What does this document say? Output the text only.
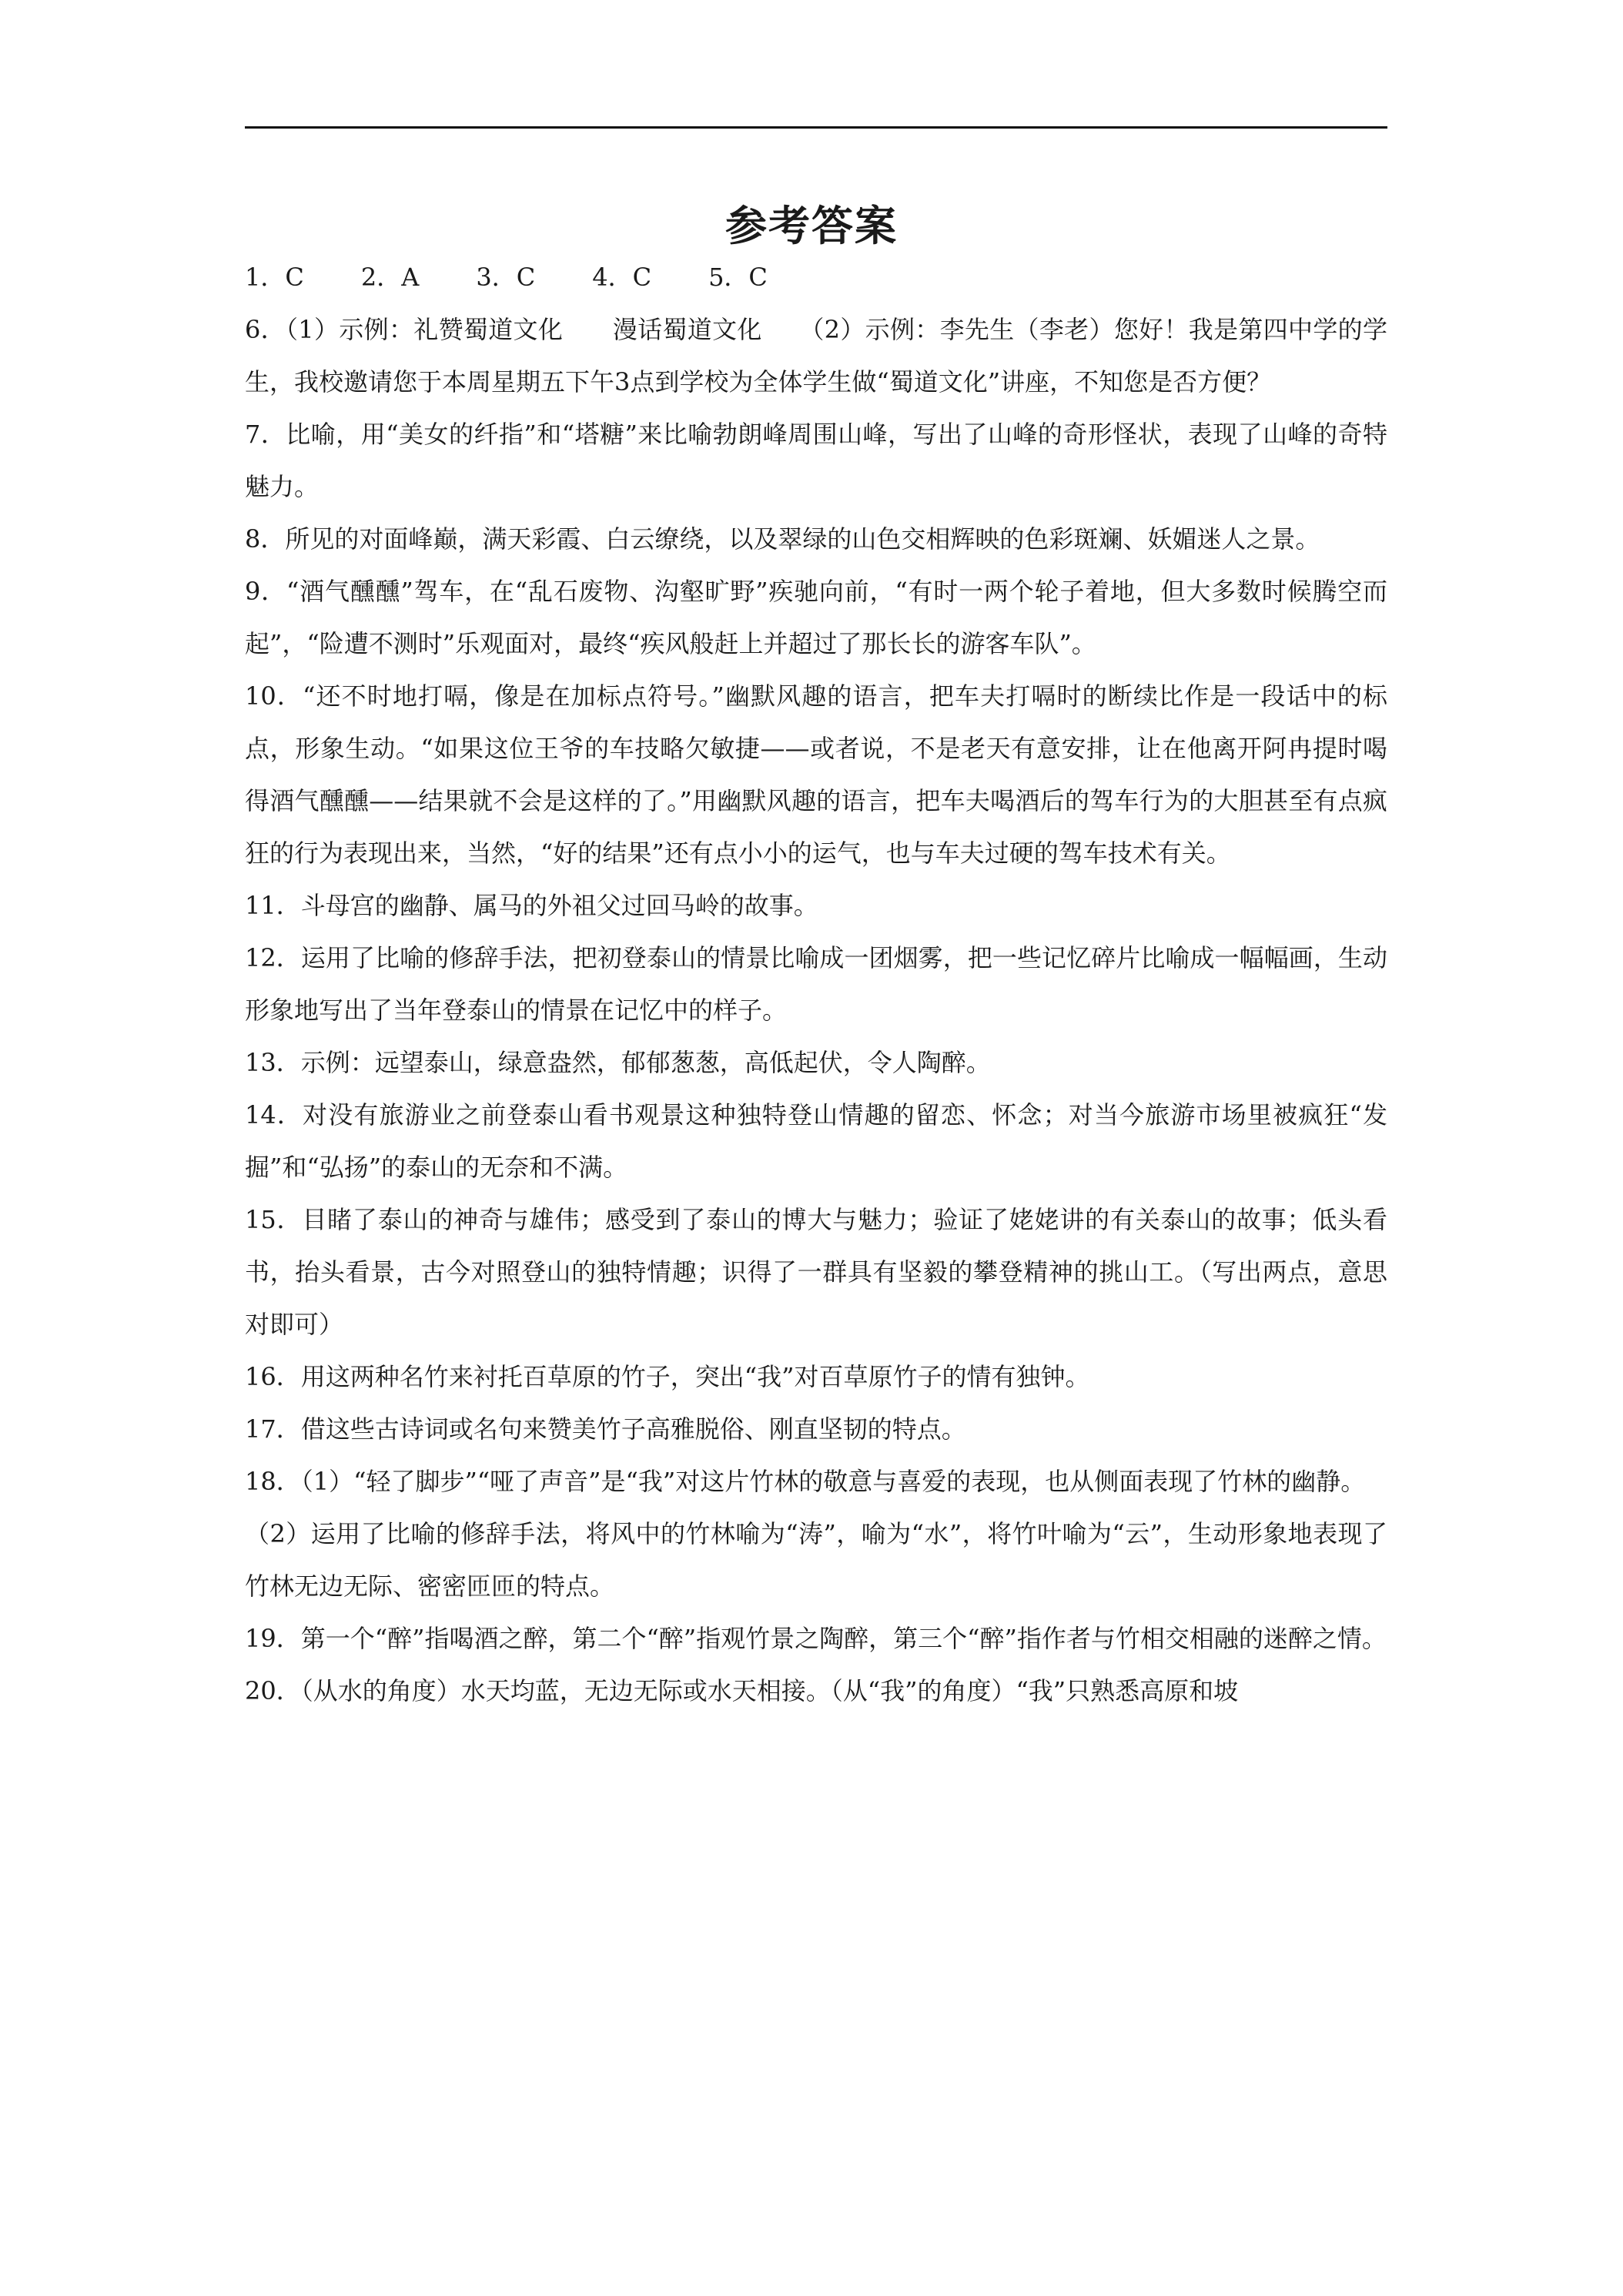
参考答案

1．C 2．A 3．C 4．C 5．C

6．（1）示例：礼赞蜀道文化　　漫话蜀道文化　　（2）示例：李先生（李老）您好！我是第四中学的学生，我校邀请您于本周星期五下午3点到学校为全体学生做“蜀道文化”讲座，不知您是否方便？

7．比喻，用“美女的纤指”和“塔糖”来比喻勃朗峰周围山峰，写出了山峰的奇形怪状，表现了山峰的奇特魅力。

8．所见的对面峰巅，满天彩霞、白云缭绕，以及翠绿的山色交相辉映的色彩斑斓、妖媚迷人之景。

9．“酒气醺醺”驾车，在“乱石废物、沟壑旷野”疾驰向前，“有时一两个轮子着地，但大多数时候腾空而起”，“险遭不测时”乐观面对，最终“疾风般赶上并超过了那长长的游客车队”。

10．“还不时地打嗝，像是在加标点符号。”幽默风趣的语言，把车夫打嗝时的断续比作是一段话中的标点，形象生动。“如果这位王爷的车技略欠敏捷——或者说，不是老天有意安排，让在他离开阿冉提时喝得酒气醺醺——结果就不会是这样的了。”用幽默风趣的语言，把车夫喝酒后的驾车行为的大胆甚至有点疯狂的行为表现出来，当然，“好的结果”还有点小小的运气，也与车夫过硬的驾车技术有关。

11．斗母宫的幽静、属马的外祖父过回马岭的故事。

12．运用了比喻的修辞手法，把初登泰山的情景比喻成一团烟雾，把一些记忆碎片比喻成一幅幅画，生动形象地写出了当年登泰山的情景在记忆中的样子。

13．示例：远望泰山，绿意盎然，郁郁葱葱，高低起伏，令人陶醉。

14．对没有旅游业之前登泰山看书观景这种独特登山情趣的留恋、怀念；对当今旅游市场里被疯狂“发掘”和“弘扬”的泰山的无奈和不满。

15．目睹了泰山的神奇与雄伟；感受到了泰山的博大与魅力；验证了姥姥讲的有关泰山的故事；低头看书，抬头看景，古今对照登山的独特情趣；识得了一群具有坚毅的攀登精神的挑山工。（写出两点，意思对即可）

16．用这两种名竹来衬托百草原的竹子，突出“我”对百草原竹子的情有独钟。

17．借这些古诗词或名句来赞美竹子高雅脱俗、刚直坚韧的特点。

18．（1）“轻了脚步”“哑了声音”是“我”对这片竹林的敬意与喜爱的表现，也从侧面表现了竹林的幽静。

（2）运用了比喻的修辞手法，将风中的竹林喻为“涛”，喻为“水”，将竹叶喻为“云”，生动形象地表现了竹林无边无际、密密匝匝的特点。

19．第一个“醉”指喝酒之醉，第二个“醉”指观竹景之陶醉，第三个“醉”指作者与竹相交相融的迷醉之情。

20．（从水的角度）水天均蓝，无边无际或水天相接。（从“我”的角度）“我”只熟悉高原和坡
